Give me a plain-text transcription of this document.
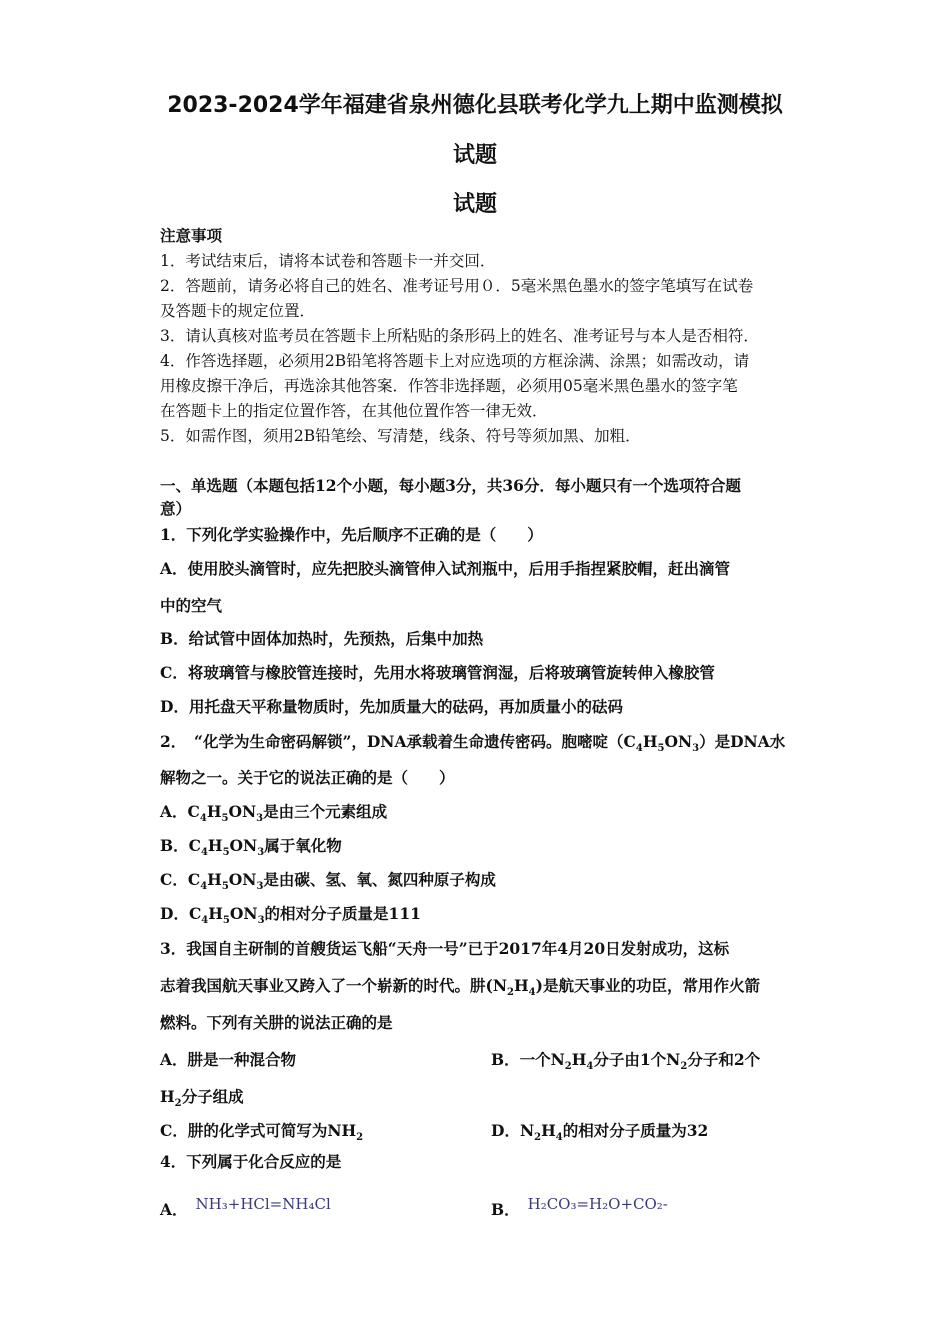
2023-2024学年福建省泉州德化县联考化学九上期中监测模拟
试题
试题
注意事项
1．考试结束后，请将本试卷和答题卡一并交回．
2．答题前，请务必将自己的姓名、准考证号用０．5毫米黑色墨水的签字笔填写在试卷
及答题卡的规定位置．
3．请认真核对监考员在答题卡上所粘贴的条形码上的姓名、准考证号与本人是否相符．
4．作答选择题，必须用2B铅笔将答题卡上对应选项的方框涂满、涂黑；如需改动，请
用橡皮擦干净后，再选涂其他答案．作答非选择题，必须用05毫米黑色墨水的签字笔
在答题卡上的指定位置作答，在其他位置作答一律无效．
5．如需作图，须用2B铅笔绘、写清楚，线条、符号等须加黑、加粗．
一、单选题（本题包括12个小题，每小题3分，共36分．每小题只有一个选项符合题
意）
1．下列化学实验操作中，先后顺序不正确的是（　　）
A．使用胶头滴管时，应先把胶头滴管伸入试剂瓶中，后用手指捏紧胶帽，赶出滴管
中的空气
B．给试管中固体加热时，先预热，后集中加热
C．将玻璃管与橡胶管连接时，先用水将玻璃管润湿，后将玻璃管旋转伸入橡胶管
D．用托盘天平称量物质时，先加质量大的砝码，再加质量小的砝码
2．　“化学为生命密码解锁”，DNA承载着生命遗传密码。胞嘧啶$(C_4H_5ON_3)$是DNA水
解物之一。关于它的说法正确的是（　　）
A．$C_4H_5ON_3$是由三个元素组成
B．$C_4H_5ON_3$属于氧化物
C．$C_4H_5ON_3$是由碳、氢、氧、氮四种原子构成
D．$C_4H_5ON_3$的相对分子质量是111
3．我国自主研制的首艘货运飞船“天舟一号”已于2017年4月20日发射成功，这标
志着我国航天事业又跨入了一个崭新的时代。肼$(N_2H_4)$是航天事业的功臣，常用作火箭
燃料。下列有关肼的说法正确的是
A．肼是一种混合物	B．一个$N_2H_4$分子由1个$N_2$分子和2个
$H_2$分子组成
C．肼的化学式可简写为$NH_2$	D．$N_2H_4$的相对分子质量为32
4．下列属于化合反应的是
A． NH₃+HCl=NH₄Cl	B． H₂CO₃=H₂O+CO₂-
